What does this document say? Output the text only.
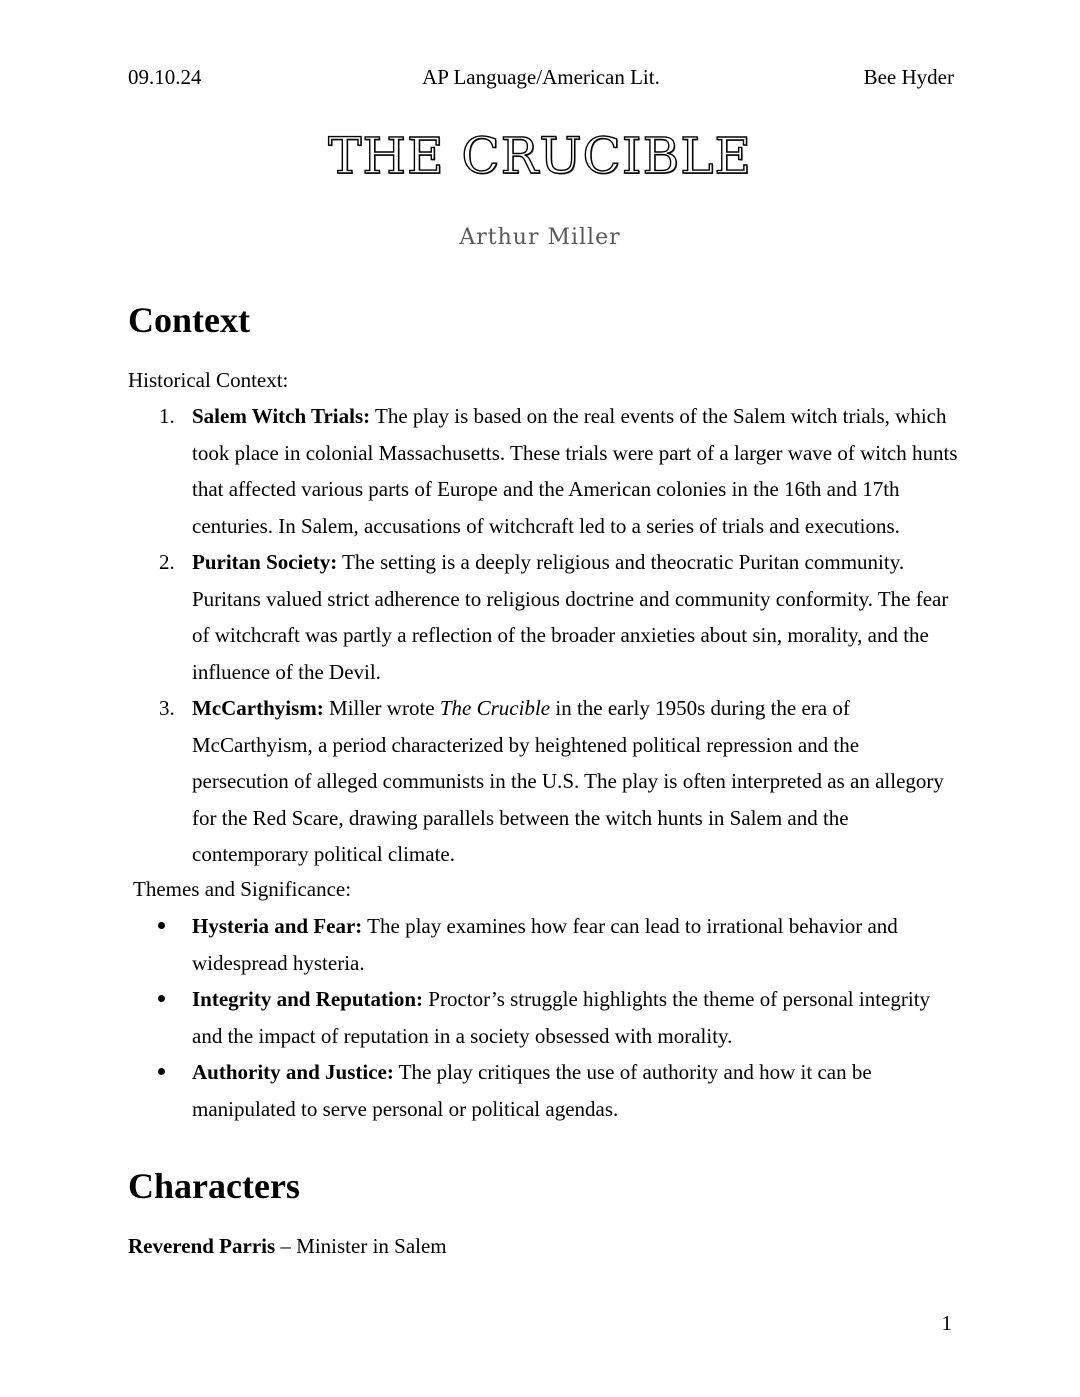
09.10.24	AP Language/American Lit.	Bee Hyder
THE CRUCIBLE
Arthur Miller
Context
Historical Context:
1. Salem Witch Trials: The play is based on the real events of the Salem witch trials, which took place in colonial Massachusetts. These trials were part of a larger wave of witch hunts that affected various parts of Europe and the American colonies in the 16th and 17th centuries. In Salem, accusations of witchcraft led to a series of trials and executions.
2. Puritan Society: The setting is a deeply religious and theocratic Puritan community. Puritans valued strict adherence to religious doctrine and community conformity. The fear of witchcraft was partly a reflection of the broader anxieties about sin, morality, and the influence of the Devil.
3. McCarthyism: Miller wrote The Crucible in the early 1950s during the era of McCarthyism, a period characterized by heightened political repression and the persecution of alleged communists in the U.S. The play is often interpreted as an allegory for the Red Scare, drawing parallels between the witch hunts in Salem and the contemporary political climate.
Themes and Significance:
Hysteria and Fear: The play examines how fear can lead to irrational behavior and widespread hysteria.
Integrity and Reputation: Proctor’s struggle highlights the theme of personal integrity and the impact of reputation in a society obsessed with morality.
Authority and Justice: The play critiques the use of authority and how it can be manipulated to serve personal or political agendas.
Characters
Reverend Parris – Minister in Salem
1
